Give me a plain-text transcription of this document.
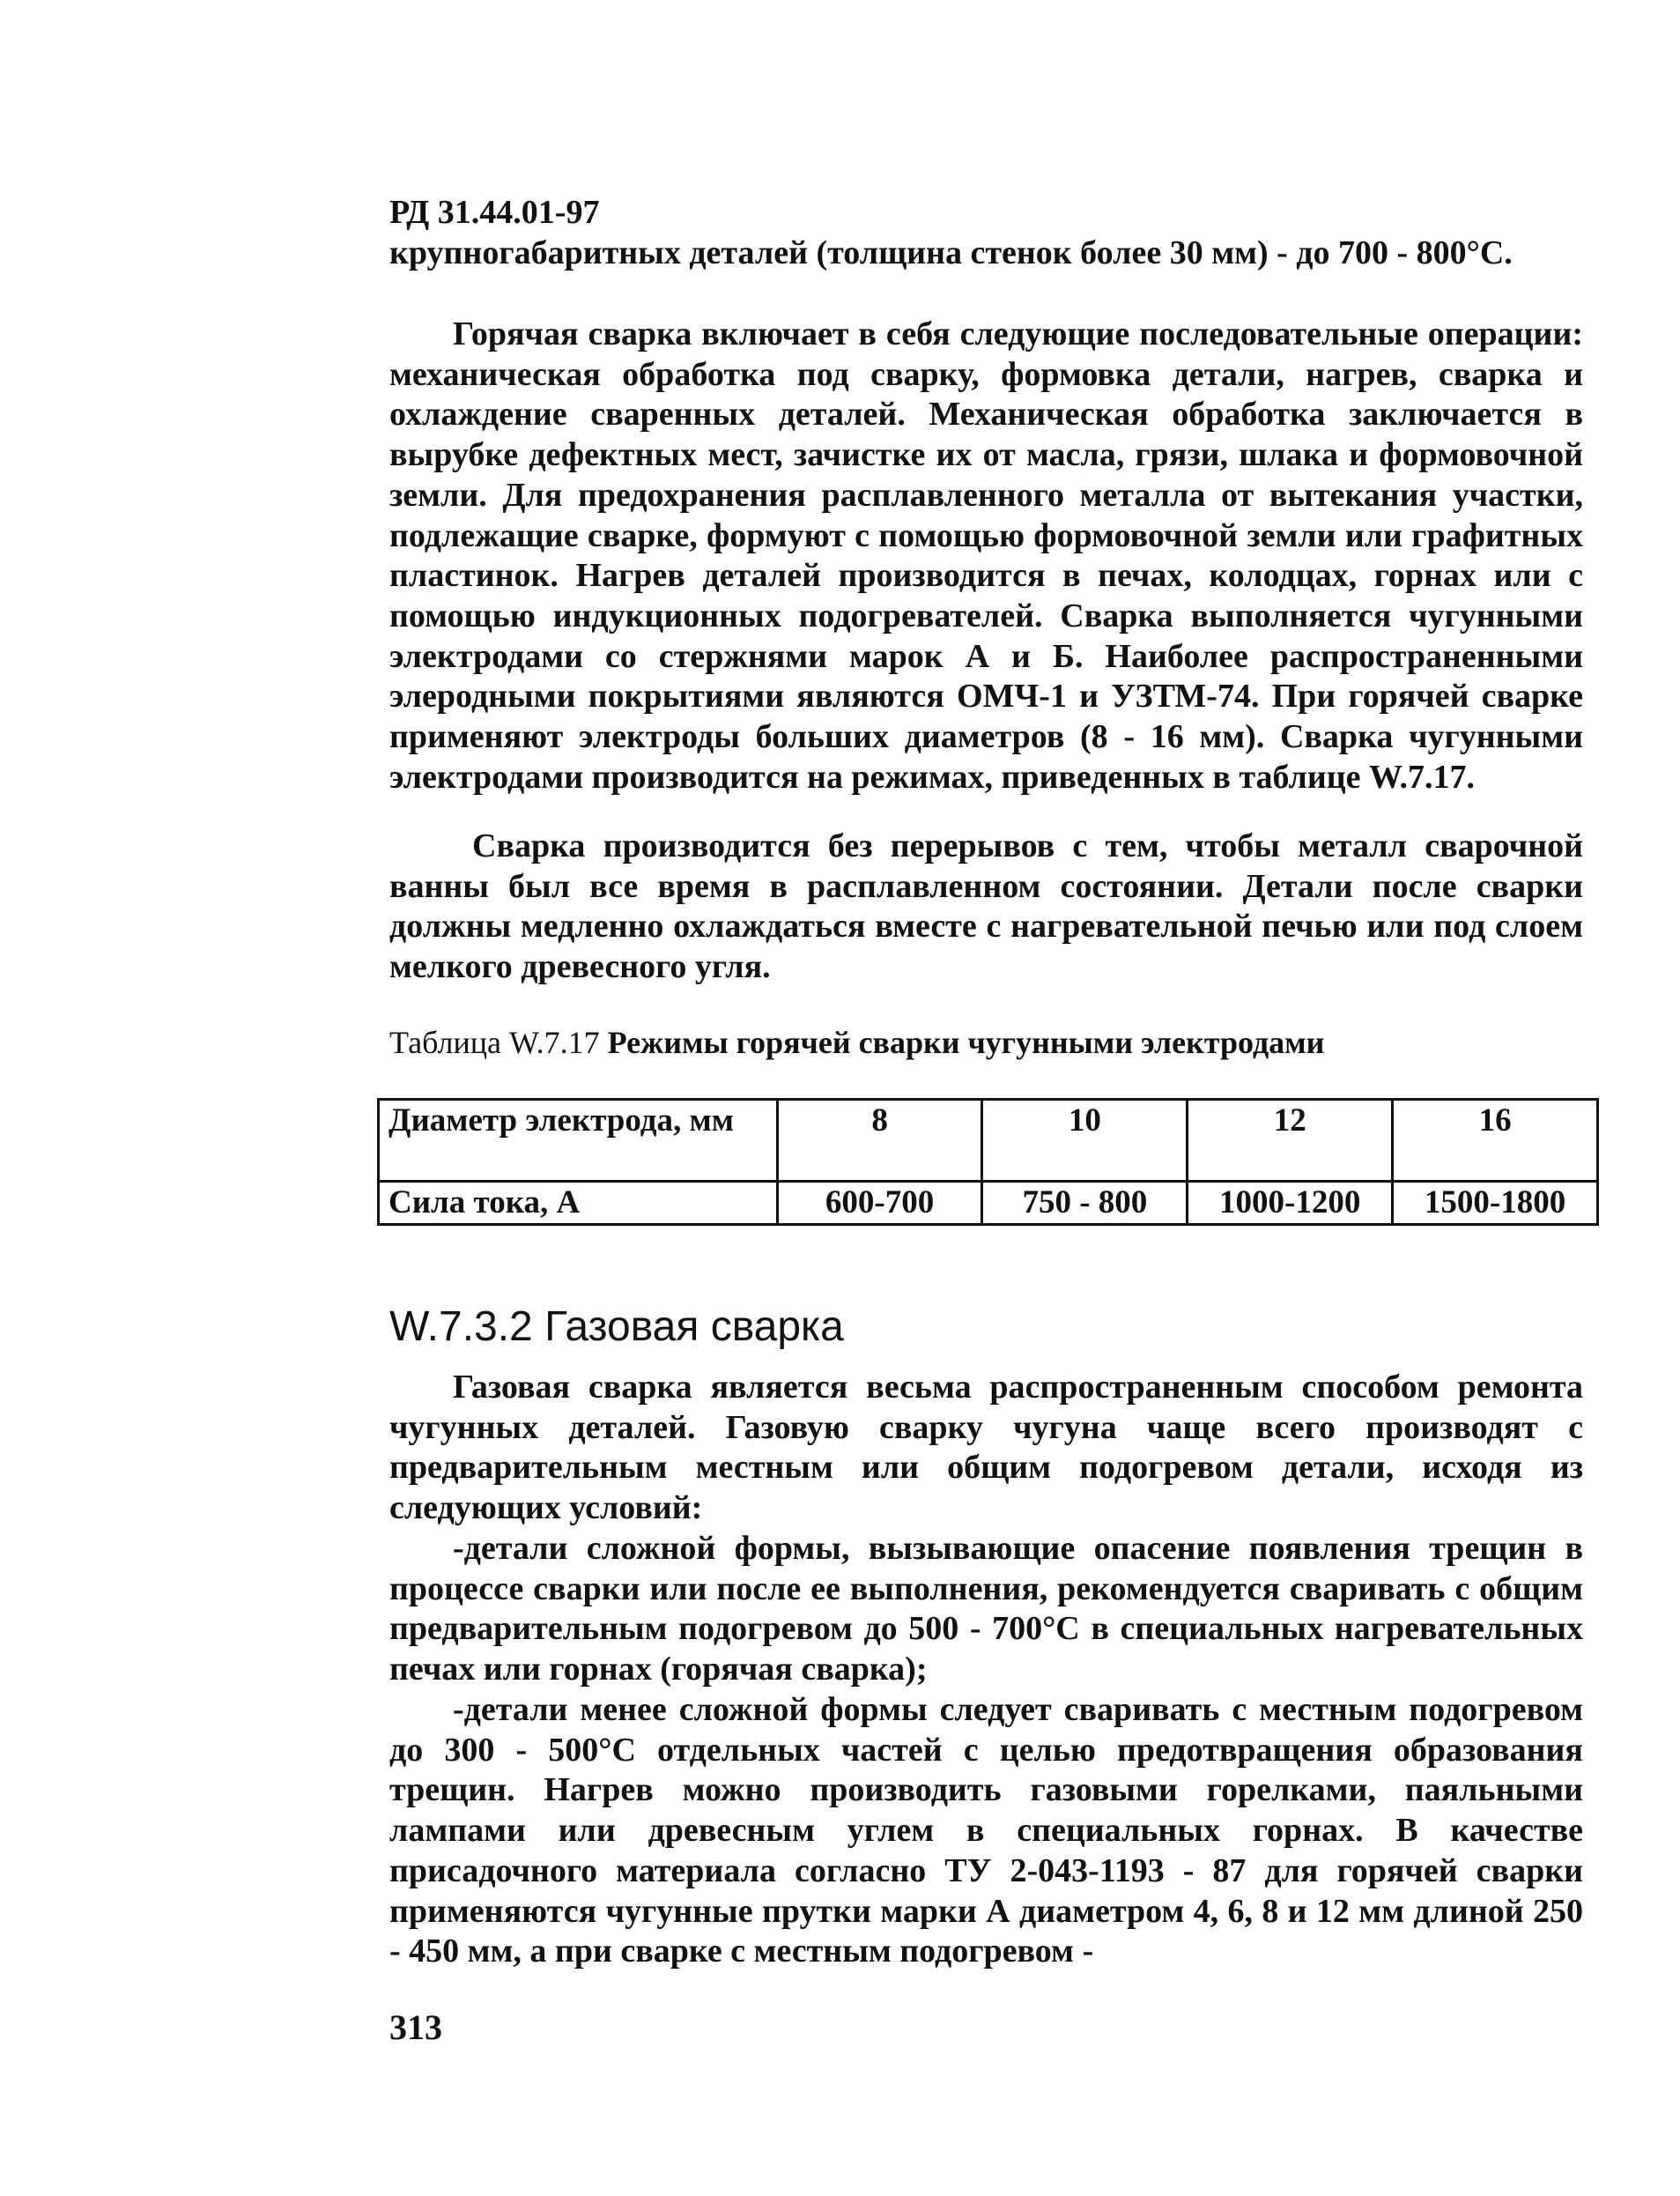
РД 31.44.01-97

крупногабаритных деталей (толщина стенок более 30 мм) - до 700 - 800°С.

Горячая сварка включает в себя следующие последовательные операции: механическая обработка под сварку, формовка детали, нагрев, сварка и охлаждение сваренных деталей. Механическая обработка заключается в вырубке дефектных мест, зачистке их от масла, грязи, шлака и формовочной земли. Для предохранения расплавленного металла от вытекания участки, подлежащие сварке, формуют с помощью формовочной земли или графитных пластинок. Нагрев деталей производится в печах, колодцах, горнах или с помощью индукционных подогревателей. Сварка выполняется чугунными электродами со стержнями марок А и Б. Наиболее распространенными элеродными покрытиями являются ОМЧ-1 и УЗТМ-74. При горячей сварке применяют электроды больших диаметров (8 - 16 мм). Сварка чугунными электродами производится на режимах, приведенных в таблице W.7.17.

Сварка производится без перерывов с тем, чтобы металл сварочной ванны был все время в расплавленном состоянии. Детали после сварки должны медленно охлаждаться вместе с нагревательной печью или под слоем мелкого древесного угля.

Таблица W.7.17 Режимы горячей сварки чугунными электродами

Диаметр электрода, мм	8	10	12	16
Сила тока, А	600-700	750 - 800	1000-1200	1500-1800
W.7.3.2 Газовая сварка

Газовая сварка является весьма распространенным способом ремонта чугунных деталей. Газовую сварку чугуна чаще всего производят с предварительным местным или общим подогревом детали, исходя из следующих условий:

-детали сложной формы, вызывающие опасение появления трещин в процессе сварки или после ее выполнения, рекомендуется сваривать с общим предварительным подогревом до 500 - 700°С в специальных нагревательных печах или горнах (горячая сварка);

-детали менее сложной формы следует сваривать с местным подогревом до 300 - 500°С отдельных частей с целью предотвращения образования трещин. Нагрев можно производить газовыми горелками, паяльными лампами или древесным углем в специальных горнах. В качестве присадочного материала согласно ТУ 2-043-1193 - 87 для горячей сварки применяются чугунные прутки марки А диаметром 4, 6, 8 и 12 мм длиной 250 - 450 мм, а при сварке с местным подогревом -

313
